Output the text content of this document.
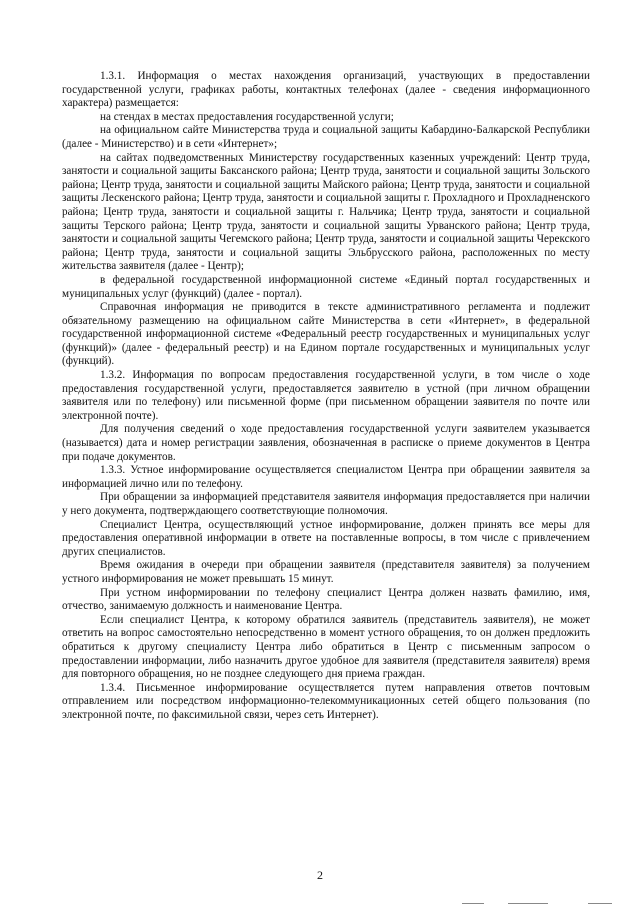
1.3.1. Информация о местах нахождения организаций, участвующих в предоставлении государственной услуги, графиках работы, контактных телефонах (далее - сведения информационного характера) размещается:

на стендах в местах предоставления государственной услуги;

на официальном сайте Министерства труда и социальной защиты Кабардино-Балкарской Республики (далее - Министерство) и в сети «Интернет»;

на сайтах подведомственных Министерству государственных казенных учреждений: Центр труда, занятости и социальной защиты Баксанского района; Центр труда, занятости и социальной защиты Зольского района; Центр труда, занятости и социальной защиты Майского района; Центр труда, занятости и социальной защиты Лескенского района; Центр труда, занятости и социальной защиты г. Прохладного и Прохладненского района; Центр труда, занятости и социальной защиты г. Нальчика; Центр труда, занятости и социальной защиты Терского района; Центр труда, занятости и социальной защиты Урванского района; Центр труда, занятости и социальной защиты Чегемского района; Центр труда, занятости и социальной защиты Черекского района; Центр труда, занятости и социальной защиты Эльбрусского района, расположенных по месту жительства заявителя (далее - Центр);

в федеральной государственной информационной системе «Единый портал государственных и муниципальных услуг (функций) (далее - портал).

Справочная информация не приводится в тексте административного регламента и подлежит обязательному размещению на официальном сайте Министерства в сети «Интернет», в федеральной государственной информационной системе «Федеральный реестр государственных и муниципальных услуг (функций)» (далее - федеральный реестр) и на Едином портале государственных и муниципальных услуг (функций).

1.3.2. Информация по вопросам предоставления государственной услуги, в том числе о ходе предоставления государственной услуги, предоставляется заявителю в устной (при личном обращении заявителя или по телефону) или письменной форме (при письменном обращении заявителя по почте или электронной почте).

Для получения сведений о ходе предоставления государственной услуги заявителем указывается (называется) дата и номер регистрации заявления, обозначенная в расписке о приеме документов в Центра при подаче документов.

1.3.3. Устное информирование осуществляется специалистом Центра при обращении заявителя за информацией лично или по телефону.

При обращении за информацией представителя заявителя информация предоставляется при наличии у него документа, подтверждающего соответствующие полномочия.

Специалист Центра, осуществляющий устное информирование, должен принять все меры для предоставления оперативной информации в ответе на поставленные вопросы, в том числе с привлечением других специалистов.

Время ожидания в очереди при обращении заявителя (представителя заявителя) за получением устного информирования не может превышать 15 минут.

При устном информировании по телефону специалист Центра должен назвать фамилию, имя, отчество, занимаемую должность и наименование Центра.

Если специалист Центра, к которому обратился заявитель (представитель заявителя), не может ответить на вопрос самостоятельно непосредственно в момент устного обращения, то он должен предложить обратиться к другому специалисту Центра либо обратиться в Центр с письменным запросом о предоставлении информации, либо назначить другое удобное для заявителя (представителя заявителя) время для повторного обращения, но не позднее следующего дня приема граждан.

1.3.4. Письменное информирование осуществляется путем направления ответов почтовым отправлением или посредством информационно-телекоммуникационных сетей общего пользования (по электронной почте, по факсимильной связи, через сеть Интернет).

2
